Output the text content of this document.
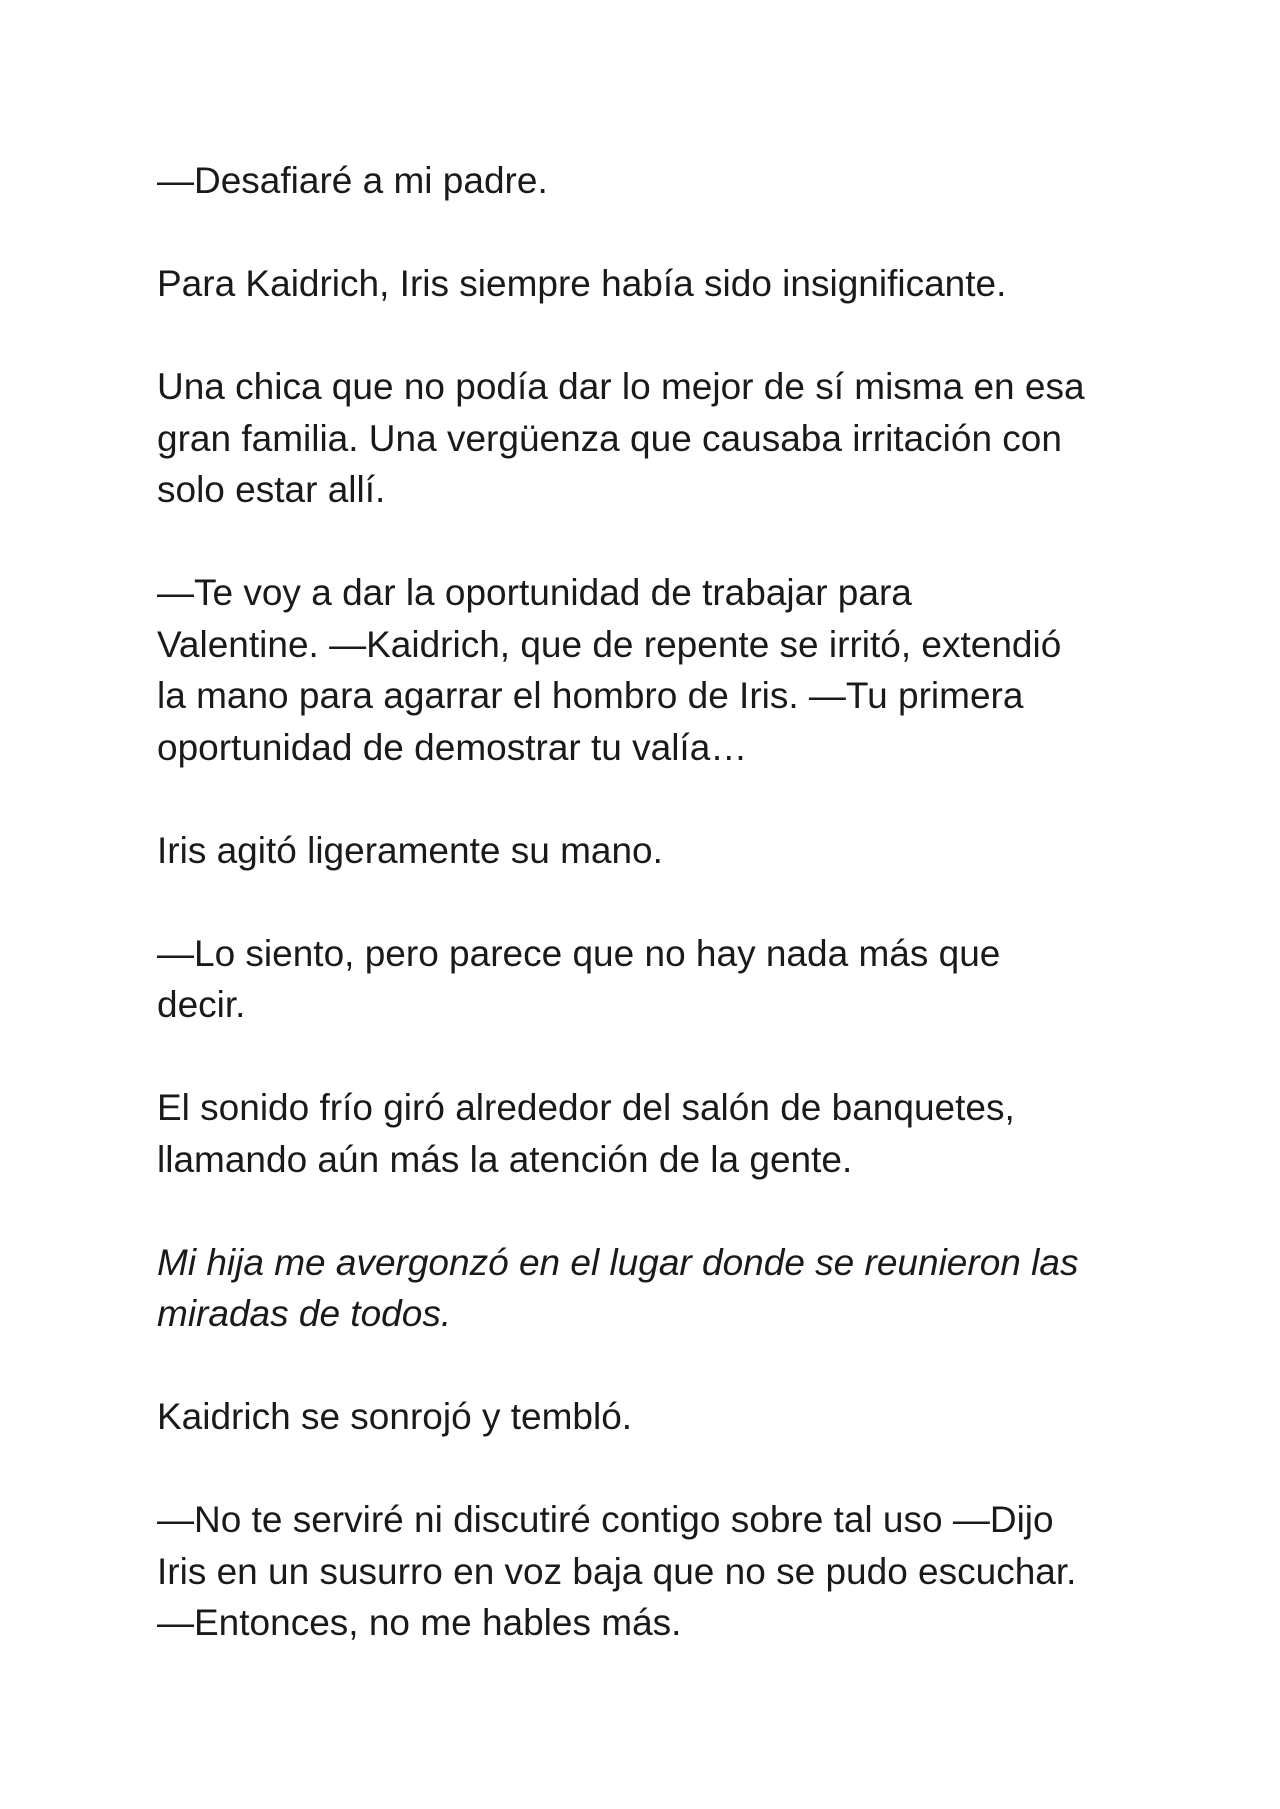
—Desafiaré a mi padre.

Para Kaidrich, Iris siempre había sido insignificante.

Una chica que no podía dar lo mejor de sí misma en esa
gran familia. Una vergüenza que causaba irritación con
solo estar allí.

—Te voy a dar la oportunidad de trabajar para
Valentine. —Kaidrich, que de repente se irritó, extendió
la mano para agarrar el hombro de Iris. —Tu primera
oportunidad de demostrar tu valía…

Iris agitó ligeramente su mano.

—Lo siento, pero parece que no hay nada más que
decir.

El sonido frío giró alrededor del salón de banquetes,
llamando aún más la atención de la gente.

Mi hija me avergonzó en el lugar donde se reunieron las
miradas de todos.

Kaidrich se sonrojó y tembló.

—No te serviré ni discutiré contigo sobre tal uso —Dijo
Iris en un susurro en voz baja que no se pudo escuchar.
—Entonces, no me hables más.
